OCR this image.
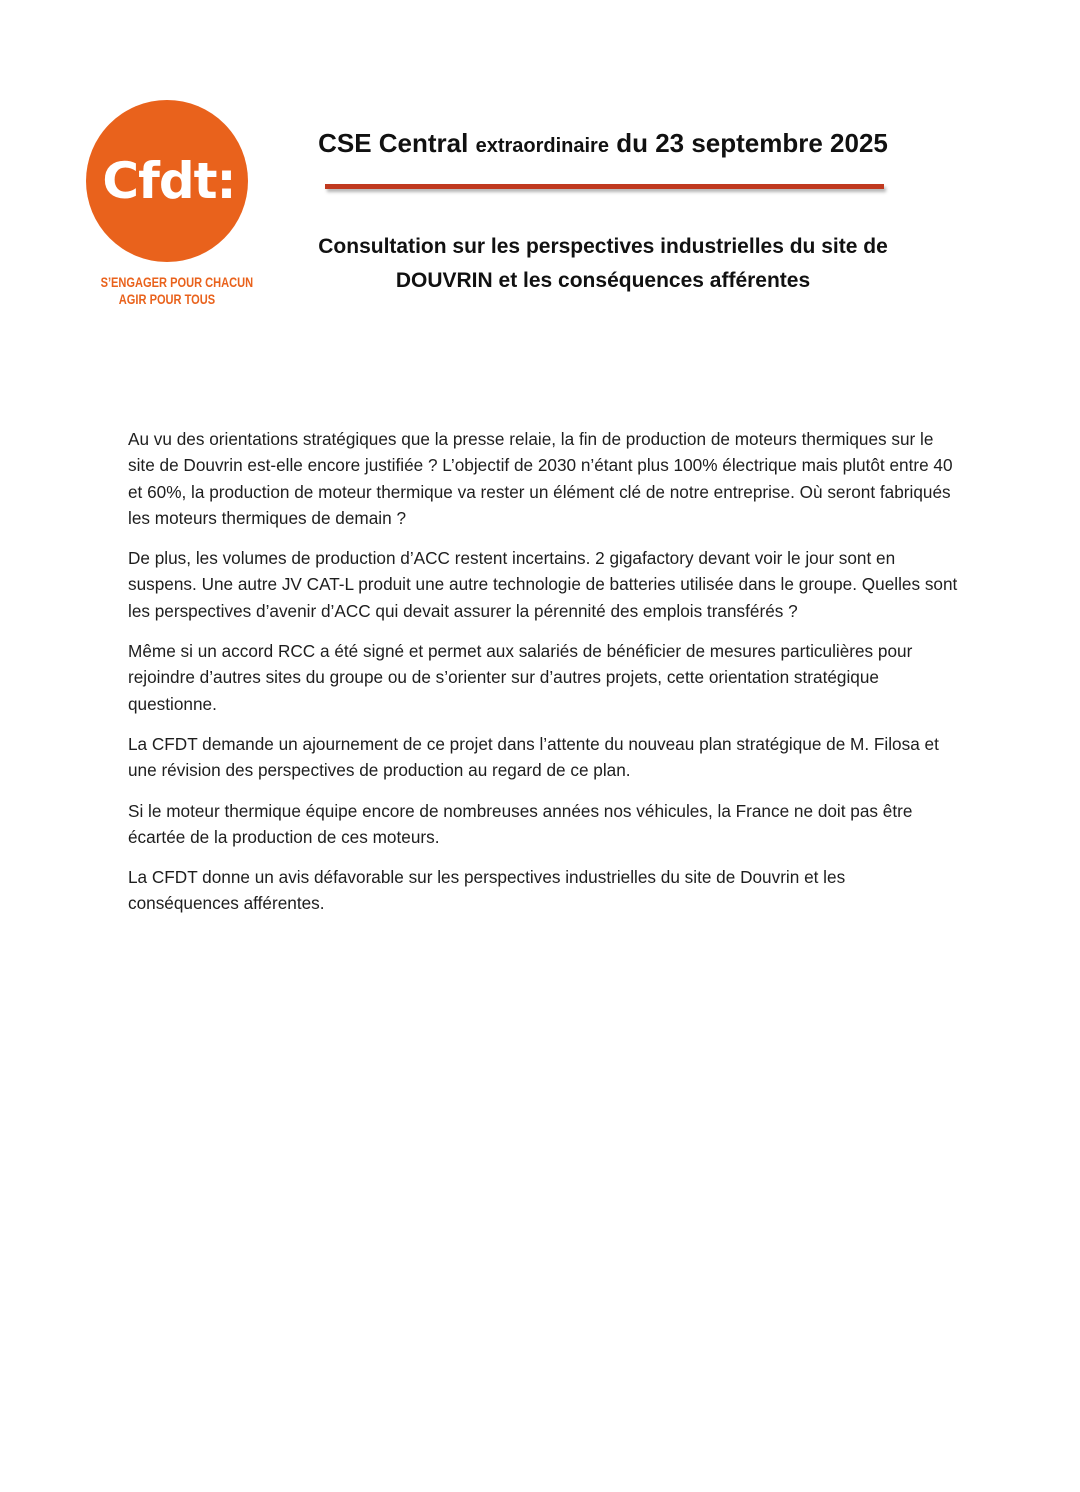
Cfdt:
S’ENGAGER POUR CHACUN
AGIR POUR TOUS
CSE Central extraordinaire du 23 septembre 2025
Consultation sur les perspectives industrielles du site de
DOUVRIN et les conséquences afférentes

Au vu des orientations stratégiques que la presse relaie, la fin de production de moteurs thermiques sur le site de Douvrin est-elle encore justifiée ? L’objectif de 2030 n’étant plus 100% électrique mais plutôt entre 40 et 60%, la production de moteur thermique va rester un élément clé de notre entreprise. Où seront fabriqués les moteurs thermiques de demain ?

De plus, les volumes de production d’ACC restent incertains. 2 gigafactory devant voir le jour sont en suspens. Une autre JV CAT-L produit une autre technologie de batteries utilisée dans le groupe. Quelles sont les perspectives d’avenir d’ACC qui devait assurer la pérennité des emplois transférés ?

Même si un accord RCC a été signé et permet aux salariés de bénéficier de mesures particulières pour rejoindre d’autres sites du groupe ou de s’orienter sur d’autres projets, cette orientation stratégique questionne.

La CFDT demande un ajournement de ce projet dans l’attente du nouveau plan stratégique de M. Filosa et une révision des perspectives de production au regard de ce plan.

Si le moteur thermique équipe encore de nombreuses années nos véhicules, la France ne doit pas être écartée de la production de ces moteurs.

La CFDT donne un avis défavorable sur les perspectives industrielles du site de Douvrin et les conséquences afférentes.
